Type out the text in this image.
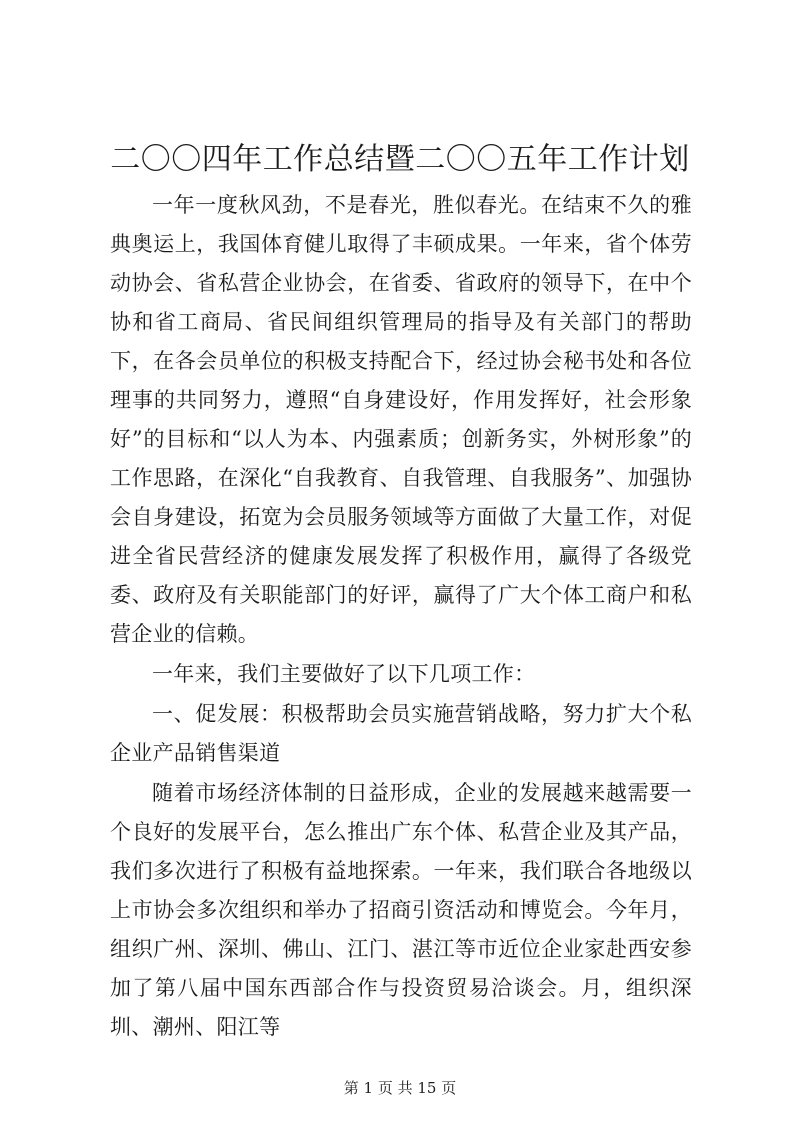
二〇〇四年工作总结暨二〇〇五年工作计划

一年一度秋风劲，不是春光，胜似春光。在结束不久的雅典奥运上，我国体育健儿取得了丰硕成果。一年来，省个体劳动协会、省私营企业协会，在省委、省政府的领导下，在中个协和省工商局、省民间组织管理局的指导及有关部门的帮助下，在各会员单位的积极支持配合下，经过协会秘书处和各位理事的共同努力，遵照“自身建设好，作用发挥好，社会形象好”的目标和“以人为本、内强素质；创新务实，外树形象”的工作思路，在深化“自我教育、自我管理、自我服务”、加强协会自身建设，拓宽为会员服务领域等方面做了大量工作，对促进全省民营经济的健康发展发挥了积极作用，赢得了各级党委、政府及有关职能部门的好评，赢得了广大个体工商户和私营企业的信赖。

一年来，我们主要做好了以下几项工作：

一、促发展：积极帮助会员实施营销战略，努力扩大个私企业产品销售渠道

随着市场经济体制的日益形成，企业的发展越来越需要一个良好的发展平台，怎么推出广东个体、私营企业及其产品，我们多次进行了积极有益地探索。一年来，我们联合各地级以上市协会多次组织和举办了招商引资活动和博览会。今年月，组织广州、深圳、佛山、江门、湛江等市近位企业家赴西安参加了第八届中国东西部合作与投资贸易洽谈会。月，组织深圳、潮州、阳江等

第 1 页 共 15 页
